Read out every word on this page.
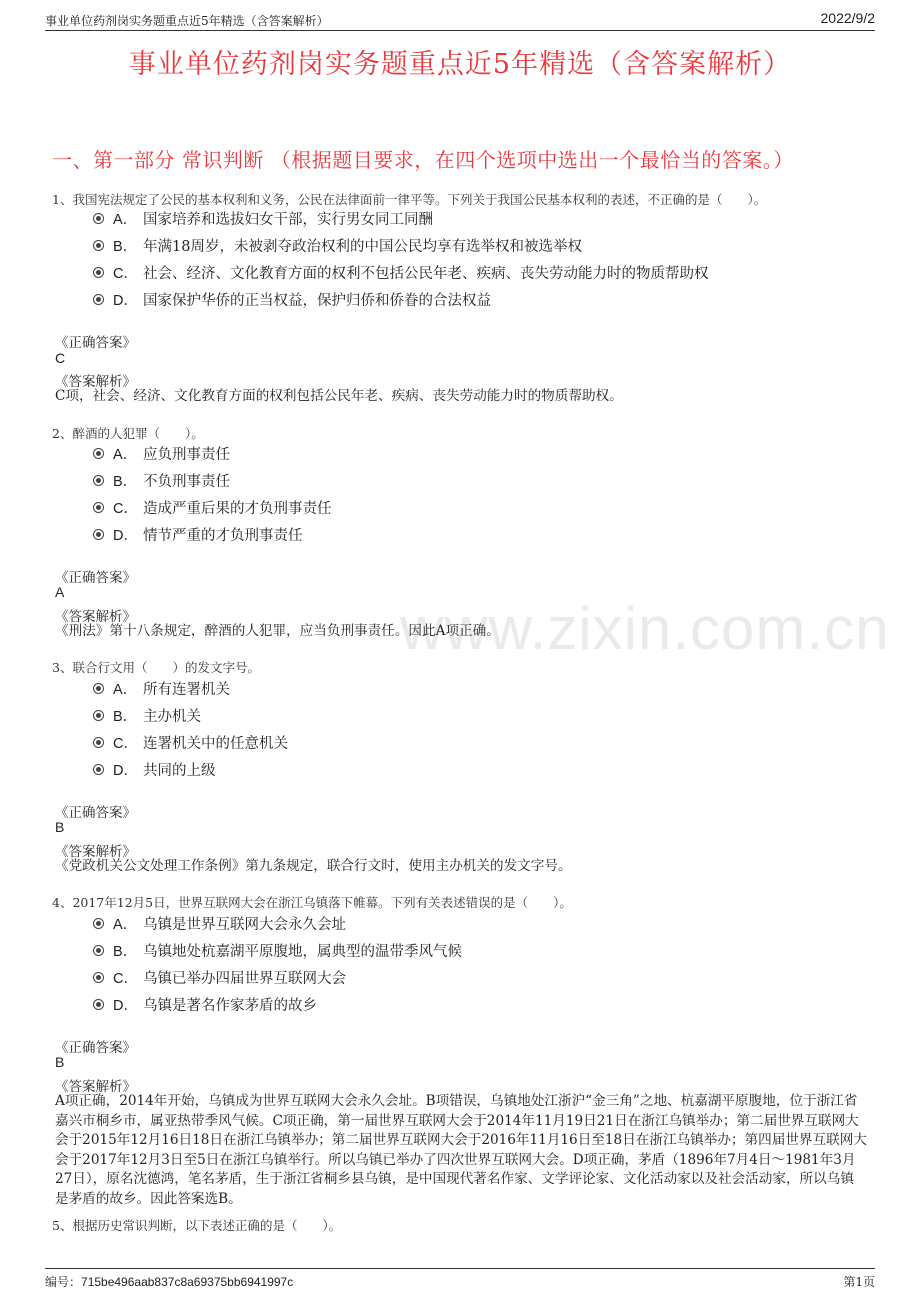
事业单位药剂岗实务题重点近5年精选（含答案解析）	2022/9/2
事业单位药剂岗实务题重点近5年精选（含答案解析）
一、第一部分 常识判断 （根据题目要求，在四个选项中选出一个最恰当的答案。）
www.zixin.com.cn
1、我国宪法规定了公民的基本权利和义务，公民在法律面前一律平等。下列关于我国公民基本权利的表述，不正确的是（　　）。
A． 国家培养和选拔妇女干部，实行男女同工同酬
B． 年满18周岁，未被剥夺政治权利的中国公民均享有选举权和被选举权
C． 社会、经济、文化教育方面的权利不包括公民年老、疾病、丧失劳动能力时的物质帮助权
D． 国家保护华侨的正当权益，保护归侨和侨眷的合法权益
《正确答案》
C
《答案解析》
C项，社会、经济、文化教育方面的权利包括公民年老、疾病、丧失劳动能力时的物质帮助权。
2、醉酒的人犯罪（　　）。
A． 应负刑事责任
B． 不负刑事责任
C． 造成严重后果的才负刑事责任
D． 情节严重的才负刑事责任
《正确答案》
A
《答案解析》
《刑法》第十八条规定，醉酒的人犯罪，应当负刑事责任。因此A项正确。
3、联合行文用（　　）的发文字号。
A． 所有连署机关
B． 主办机关
C． 连署机关中的任意机关
D． 共同的上级
《正确答案》
B
《答案解析》
《党政机关公文处理工作条例》第九条规定，联合行文时，使用主办机关的发文字号。
4、2017年12月5日，世界互联网大会在浙江乌镇落下帷幕。下列有关表述错误的是（　　）。
A． 乌镇是世界互联网大会永久会址
B． 乌镇地处杭嘉湖平原腹地，属典型的温带季风气候
C． 乌镇已举办四届世界互联网大会
D． 乌镇是著名作家茅盾的故乡
《正确答案》
B
《答案解析》
A项正确，2014年开始，乌镇成为世界互联网大会永久会址。B项错误，乌镇地处江浙沪“金三角”之地、杭嘉湖平原腹地，位于浙江省嘉兴市桐乡市，属亚热带季风气候。C项正确，第一届世界互联网大会于2014年11月19日21日在浙江乌镇举办；第二届世界互联网大会于2015年12月16日18日在浙江乌镇举办；第二届世界互联网大会于2016年11月16日至18日在浙江乌镇举办；第四届世界互联网大会于2017年12月3日至5日在浙江乌镇举行。所以乌镇已举办了四次世界互联网大会。D项正确，茅盾（1896年7月4日～1981年3月27日），原名沈德鸿，笔名茅盾，生于浙江省桐乡县乌镇，是中国现代著名作家、文学评论家、文化活动家以及社会活动家，所以乌镇是茅盾的故乡。因此答案选B。
5、根据历史常识判断，以下表述正确的是（　　）。
编号：715be496aab837c8a69375bb6941997c	第1页
